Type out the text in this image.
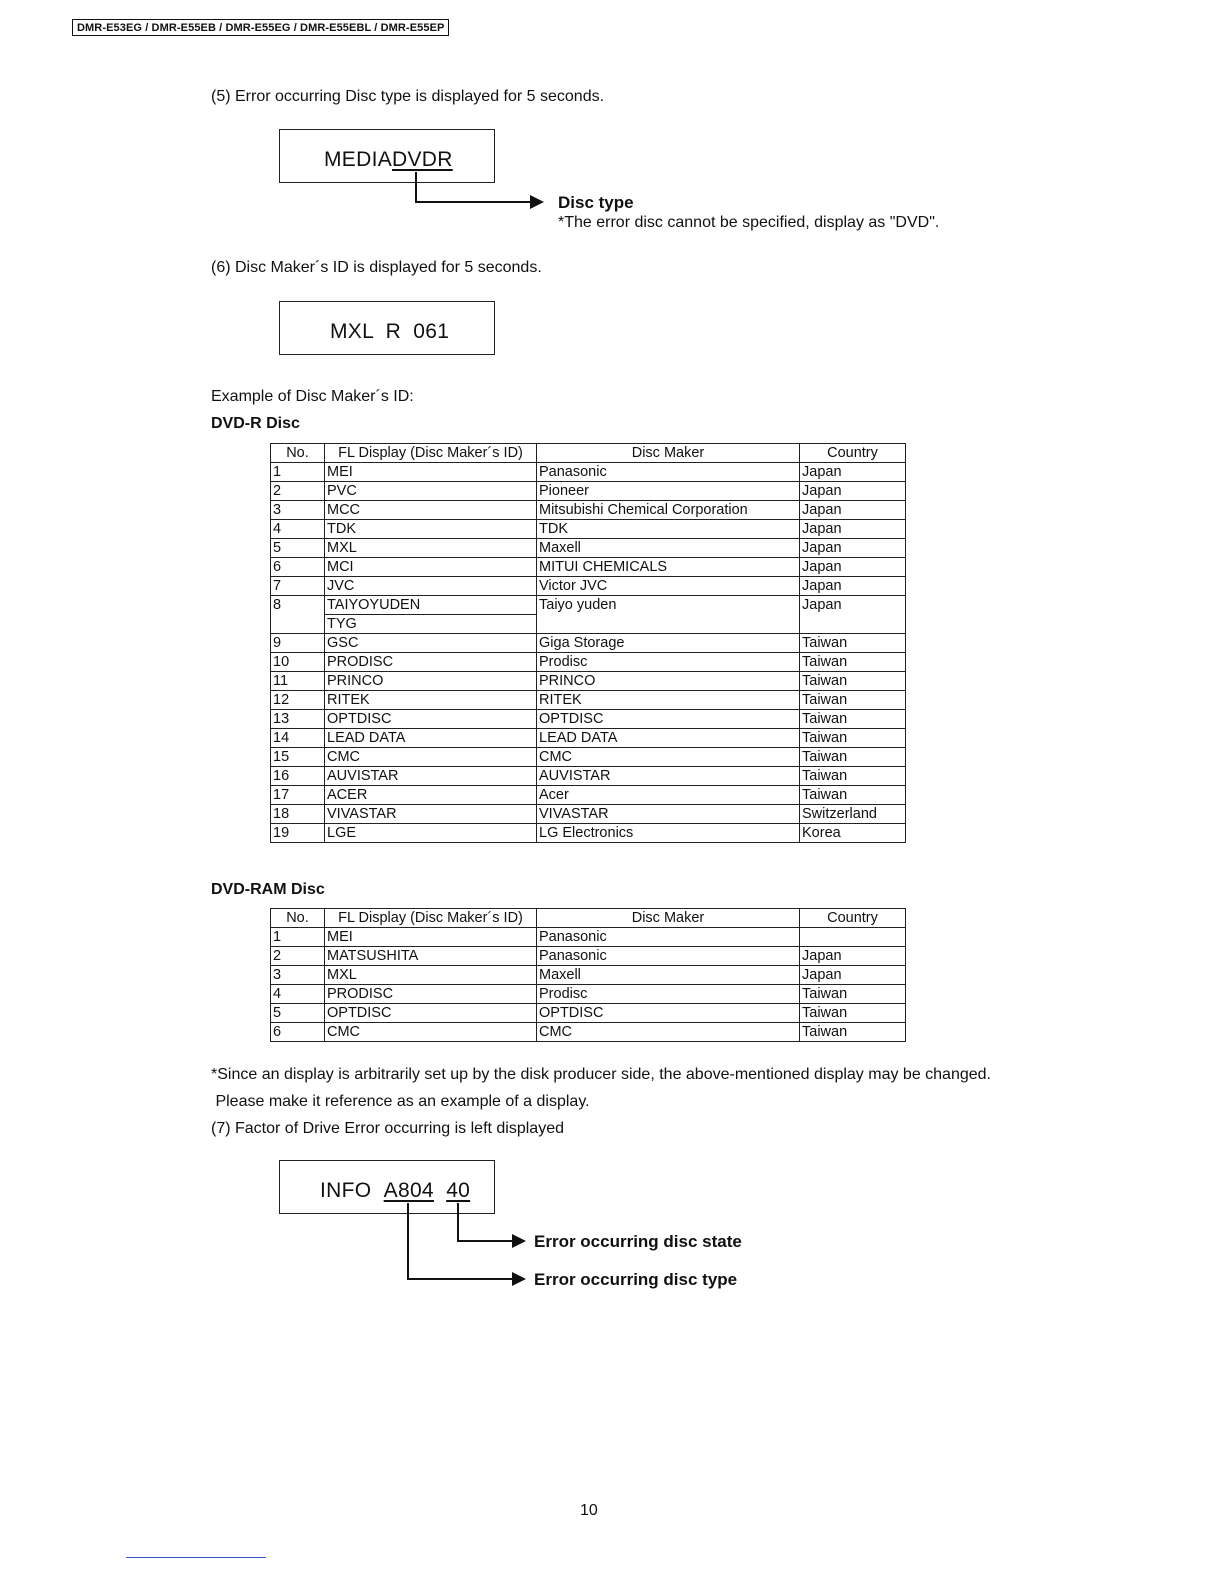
DMR-E53EG / DMR-E55EB / DMR-E55EG / DMR-E55EBL / DMR-E55EP
(5) Error occurring Disc type is displayed for 5 seconds.
MEDIADVDR
Disc type
*The error disc cannot be specified, display as "DVD".
(6) Disc Maker´s ID is displayed for 5 seconds.
MXL  R  061
Example of Disc Maker´s ID:
DVD-R Disc
No.	FL Display (Disc Maker´s ID)	Disc Maker	Country
1	MEI	Panasonic	Japan
2	PVC	Pioneer	Japan
3	MCC	Mitsubishi Chemical Corporation	Japan
4	TDK	TDK	Japan
5	MXL	Maxell	Japan
6	MCI	MITUI CHEMICALS	Japan
7	JVC	Victor JVC	Japan
8	TAIYOYUDEN	Taiyo yuden	Japan
	TYG		
9	GSC	Giga Storage	Taiwan
10	PRODISC	Prodisc	Taiwan
11	PRINCO	PRINCO	Taiwan
12	RITEK	RITEK	Taiwan
13	OPTDISC	OPTDISC	Taiwan
14	LEAD DATA	LEAD DATA	Taiwan
15	CMC	CMC	Taiwan
16	AUVISTAR	AUVISTAR	Taiwan
17	ACER	Acer	Taiwan
18	VIVASTAR	VIVASTAR	Switzerland
19	LGE	LG Electronics	Korea
DVD-RAM Disc
No.	FL Display (Disc Maker´s ID)	Disc Maker	Country
1	MEI	Panasonic	
2	MATSUSHITA	Panasonic	Japan
3	MXL	Maxell	Japan
4	PRODISC	Prodisc	Taiwan
5	OPTDISC	OPTDISC	Taiwan
6	CMC	CMC	Taiwan
*Since an display is arbitrarily set up by the disk producer side, the above-mentioned display may be changed.
Please make it reference as an example of a display.
(7) Factor of Drive Error occurring is left displayed
INFO A804 40
Error occurring disc state
Error occurring disc type
10
